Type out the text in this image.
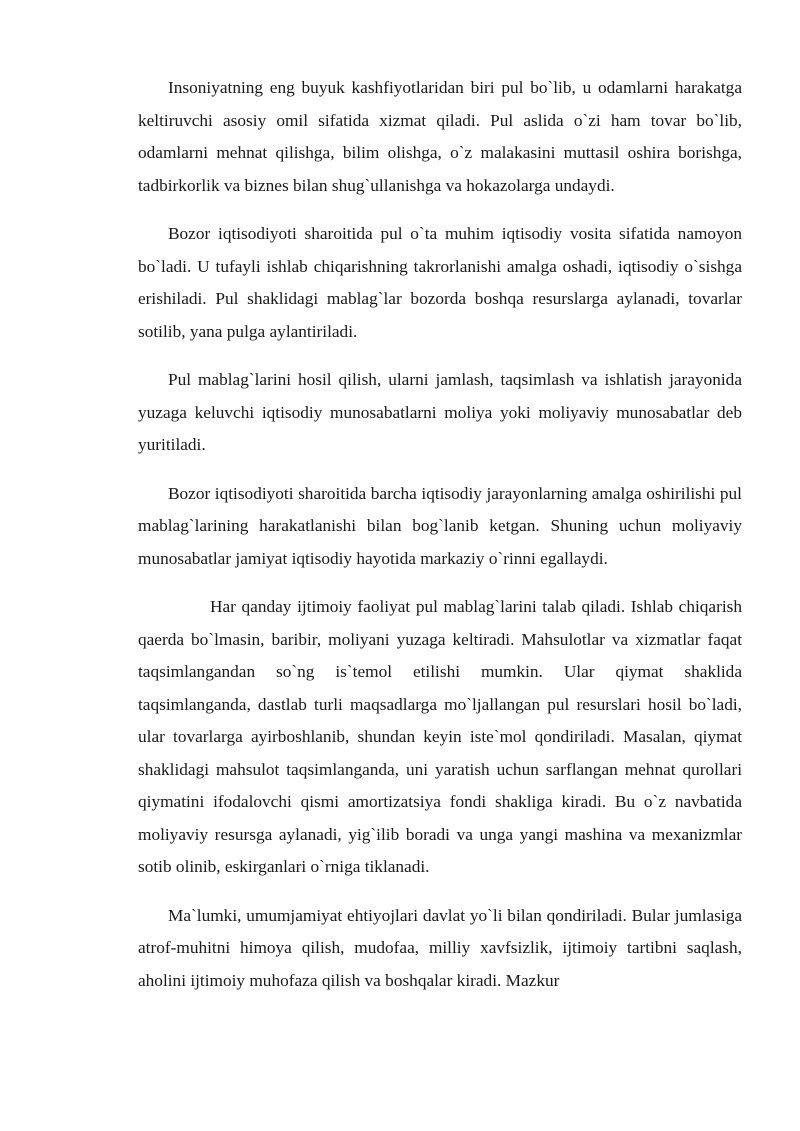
Insoniyatning eng buyuk kashfiyotlaridan biri pul bo`lib, u odamlarni harakatga keltiruvchi asosiy omil sifatida xizmat qiladi. Pul aslida o`zi ham tovar bo`lib, odamlarni mehnat qilishga, bilim olishga, o`z malakasini muttasil oshira borishga, tadbirkorlik va biznes bilan shug`ullanishga va hokazolarga undaydi.

Bozor iqtisodiyoti sharoitida pul o`ta muhim iqtisodiy vosita sifatida namoyon bo`ladi. U tufayli ishlab chiqarishning takrorlanishi amalga oshadi, iqtisodiy o`sishga erishiladi. Pul shaklidagi mablag`lar bozorda boshqa resurslarga aylanadi, tovarlar sotilib, yana pulga aylantiriladi.

Pul mablag`larini hosil qilish, ularni jamlash, taqsimlash va ishlatish jarayonida yuzaga keluvchi iqtisodiy munosabatlarni moliya yoki moliyaviy munosabatlar deb yuritiladi.

Bozor iqtisodiyoti sharoitida barcha iqtisodiy jarayonlarning amalga oshirilishi pul mablag`larining harakatlanishi bilan bog`lanib ketgan. Shuning uchun moliyaviy munosabatlar jamiyat iqtisodiy hayotida markaziy o`rinni egallaydi.

Har qanday ijtimoiy faoliyat pul mablag`larini talab qiladi. Ishlab chiqarish qaerda bo`lmasin, baribir, moliyani yuzaga keltiradi. Mahsulotlar va xizmatlar faqat taqsimlangandan so`ng is`temol etilishi mumkin. Ular qiymat shaklida taqsimlanganda, dastlab turli maqsadlarga mo`ljallangan pul resurslari hosil bo`ladi, ular tovarlarga ayirboshlanib, shundan keyin iste`mol qondiriladi. Masalan, qiymat shaklidagi mahsulot taqsimlanganda, uni yaratish uchun sarflangan mehnat qurollari qiymatini ifodalovchi qismi amortizatsiya fondi shakliga kiradi. Bu o`z navbatida moliyaviy resursga aylanadi, yig`ilib boradi va unga yangi mashina va mexanizmlar sotib olinib, eskirganlari o`rniga tiklanadi.

Ma`lumki, umumjamiyat ehtiyojlari davlat yo`li bilan qondiriladi. Bular jumlasiga atrof-muhitni himoya qilish, mudofaa, milliy xavfsizlik, ijtimoiy tartibni saqlash, aholini ijtimoiy muhofaza qilish va boshqalar kiradi. Mazkur
